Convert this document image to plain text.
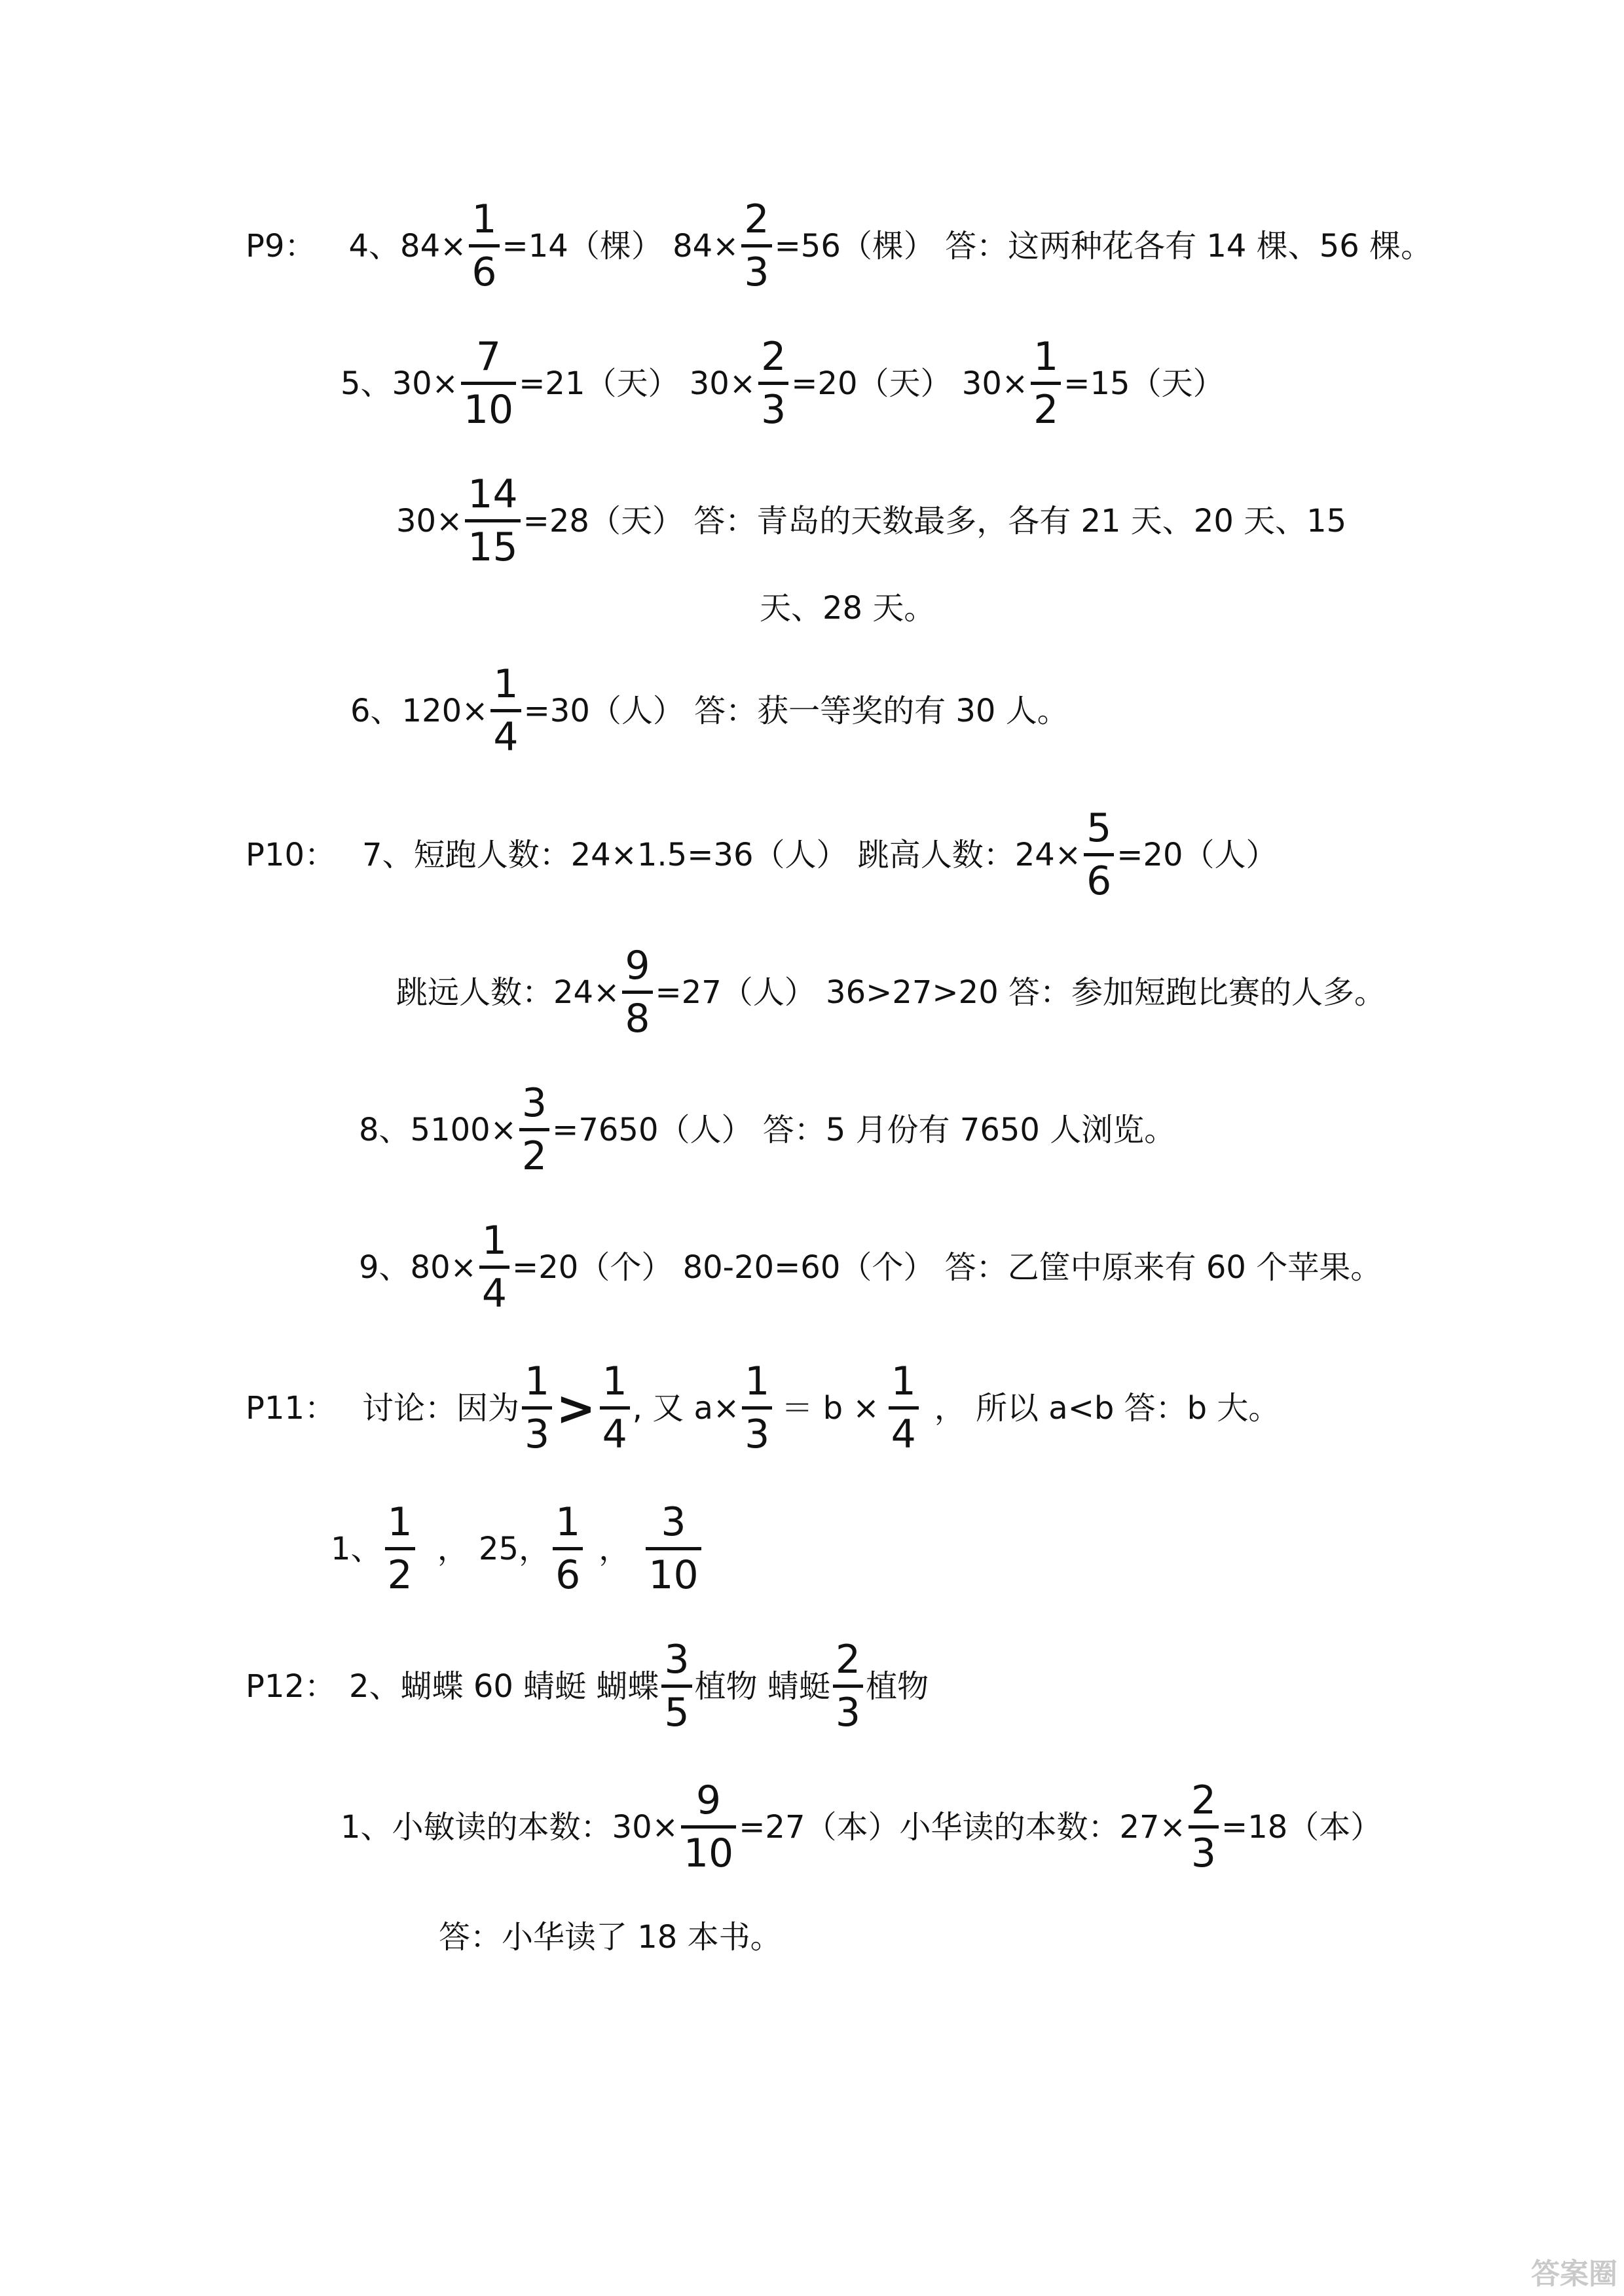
P9： 4、84×
1
6
=14（棵） 84×
2
3
=56（棵） 答：这两种花各有 14 棵、56 棵。
5、30×
7
10
=21（天） 30×
2
3
=20（天） 30×
1
2
=15（天）
30×
14
15
=28（天） 答：青岛的天数最多，各有 21 天、20 天、15
天、28 天。
6、120×
1
4
=30（人） 答：获一等奖的有 30 人。
P10： 7、短跑人数：24×1.5=36（人） 跳高人数：24×
5
6
=20（人）
跳远人数：24×
9
8
=27（人） 36>27>20 答：参加短跑比赛的人多。
8、5100×
3
2
=7650（人） 答：5 月份有 7650 人浏览。
9、80×
1
4
=20（个） 80-20=60（个） 答：乙筐中原来有 60 个苹果。
P11： 讨论：因为
1
3 > 1
4
, 又 a×
1
3
＝ b ×
1
4
， 所以 a<b 答：b 大。
1、
1
2
， 25，
1
6
，
3
10
P12： 2、蝴蝶 60 蜻蜓 蝴蝶
3
5
植物 蜻蜓
2
3
植物
1、小敏读的本数：30×
9
10
=27（本）小华读的本数：27×
2
3
=18（本）
答：小华读了 18 本书。
答案圈
